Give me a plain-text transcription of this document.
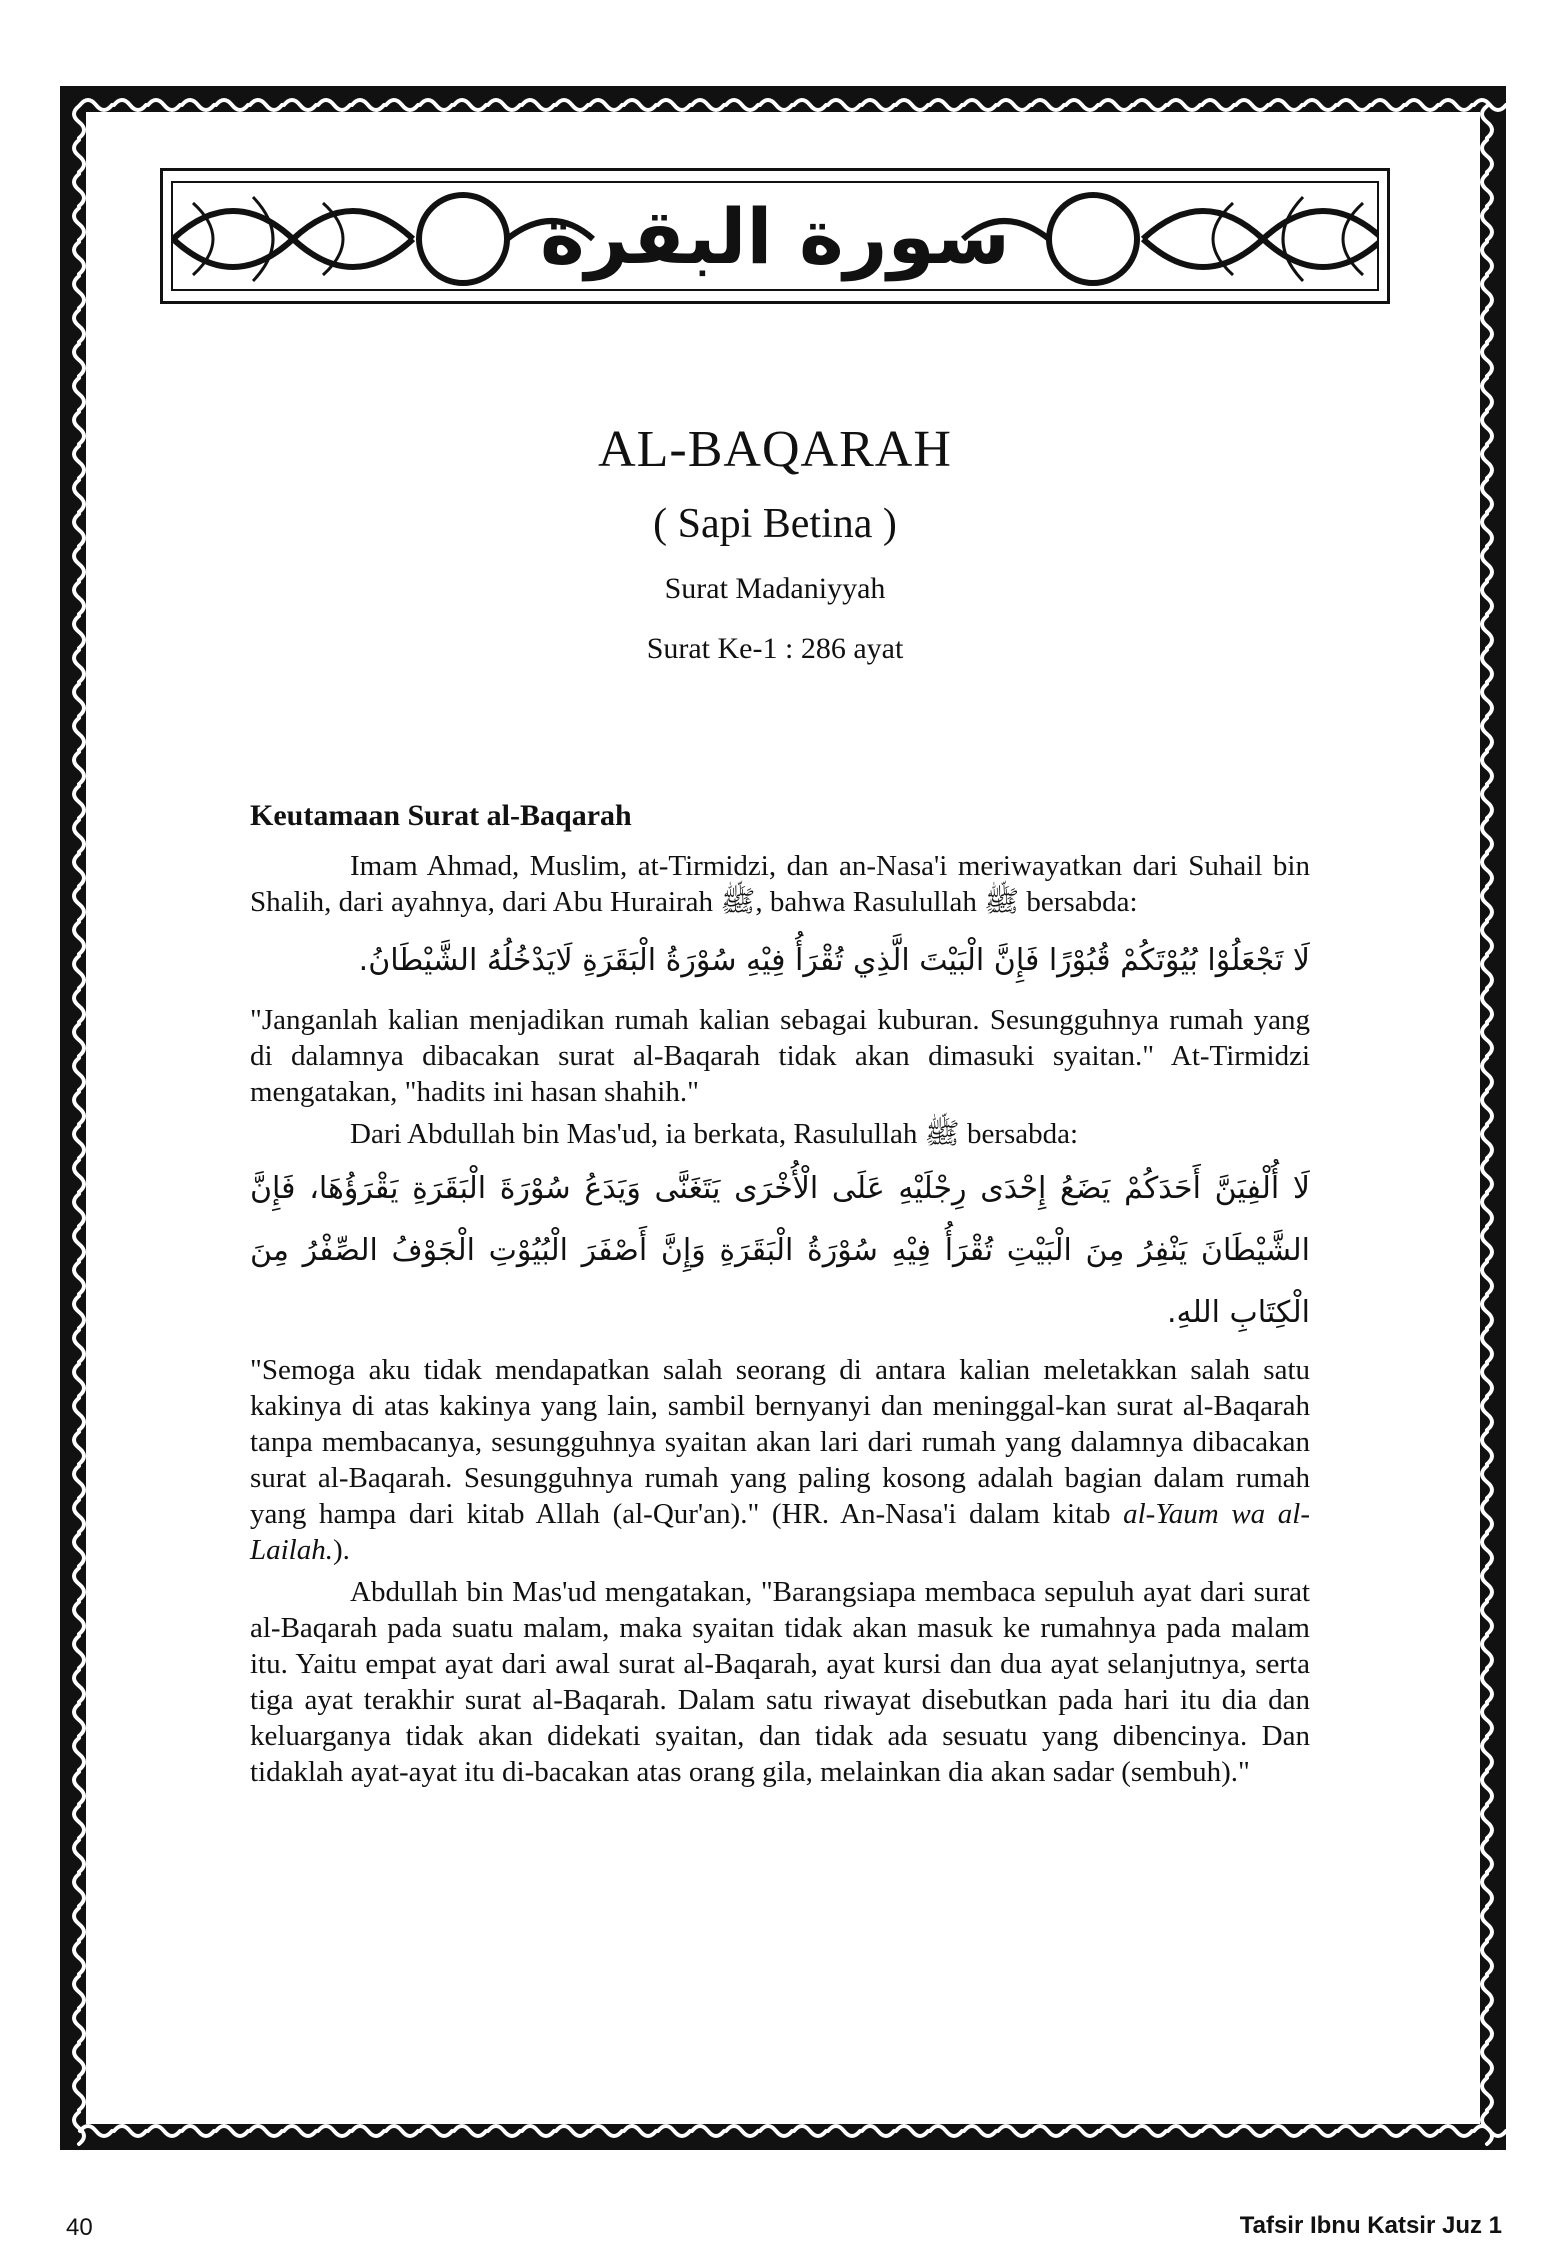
سورة البقرة
AL-BAQARAH
( Sapi Betina )
Surat Madaniyyah
Surat Ke-1 : 286 ayat
Keutamaan Surat al-Baqarah

Imam Ahmad, Muslim, at-Tirmidzi, dan an-Nasa'i meriwayatkan dari Suhail bin Shalih, dari ayahnya, dari Abu Hurairah ﷺ, bahwa Rasulullah ﷺ bersabda:

لَا تَجْعَلُوْا بُيُوْتَكُمْ قُبُوْرًا فَإِنَّ الْبَيْتَ الَّذِي تُقْرَأُ فِيْهِ سُوْرَةُ الْبَقَرَةِ لَايَدْخُلُهُ الشَّيْطَانُ.

"Janganlah kalian menjadikan rumah kalian sebagai kuburan. Sesungguhnya rumah yang di dalamnya dibacakan surat al-Baqarah tidak akan dimasuki syaitan." At-Tirmidzi mengatakan, "hadits ini hasan shahih."

Dari Abdullah bin Mas'ud, ia berkata, Rasulullah ﷺ bersabda:

لَا أُلْفِيَنَّ أَحَدَكُمْ يَضَعُ إِحْدَى رِجْلَيْهِ عَلَى الْأُخْرَى يَتَغَنَّى وَيَدَعُ سُوْرَةَ الْبَقَرَةِ يَقْرَؤُهَا، فَإِنَّ الشَّيْطَانَ يَنْفِرُ مِنَ الْبَيْتِ تُقْرَأُ فِيْهِ سُوْرَةُ الْبَقَرَةِ وَإِنَّ أَصْفَرَ الْبُيُوْتِ الْجَوْفُ الصِّفْرُ مِنَ الْكِتَابِ اللهِ.

"Semoga aku tidak mendapatkan salah seorang di antara kalian meletakkan salah satu kakinya di atas kakinya yang lain, sambil bernyanyi dan meninggal-kan surat al-Baqarah tanpa membacanya, sesungguhnya syaitan akan lari dari rumah yang dalamnya dibacakan surat al-Baqarah. Sesungguhnya rumah yang paling kosong adalah bagian dalam rumah yang hampa dari kitab Allah (al-Qur'an)." (HR. An-Nasa'i dalam kitab al-Yaum wa al-Lailah.).

Abdullah bin Mas'ud mengatakan, "Barangsiapa membaca sepuluh ayat dari surat al-Baqarah pada suatu malam, maka syaitan tidak akan masuk ke rumahnya pada malam itu. Yaitu empat ayat dari awal surat al-Baqarah, ayat kursi dan dua ayat selanjutnya, serta tiga ayat terakhir surat al-Baqarah. Dalam satu riwayat disebutkan pada hari itu dia dan keluarganya tidak akan didekati syaitan, dan tidak ada sesuatu yang dibencinya. Dan tidaklah ayat-ayat itu di-bacakan atas orang gila, melainkan dia akan sadar (sembuh)."

40	Tafsir Ibnu Katsir Juz 1
